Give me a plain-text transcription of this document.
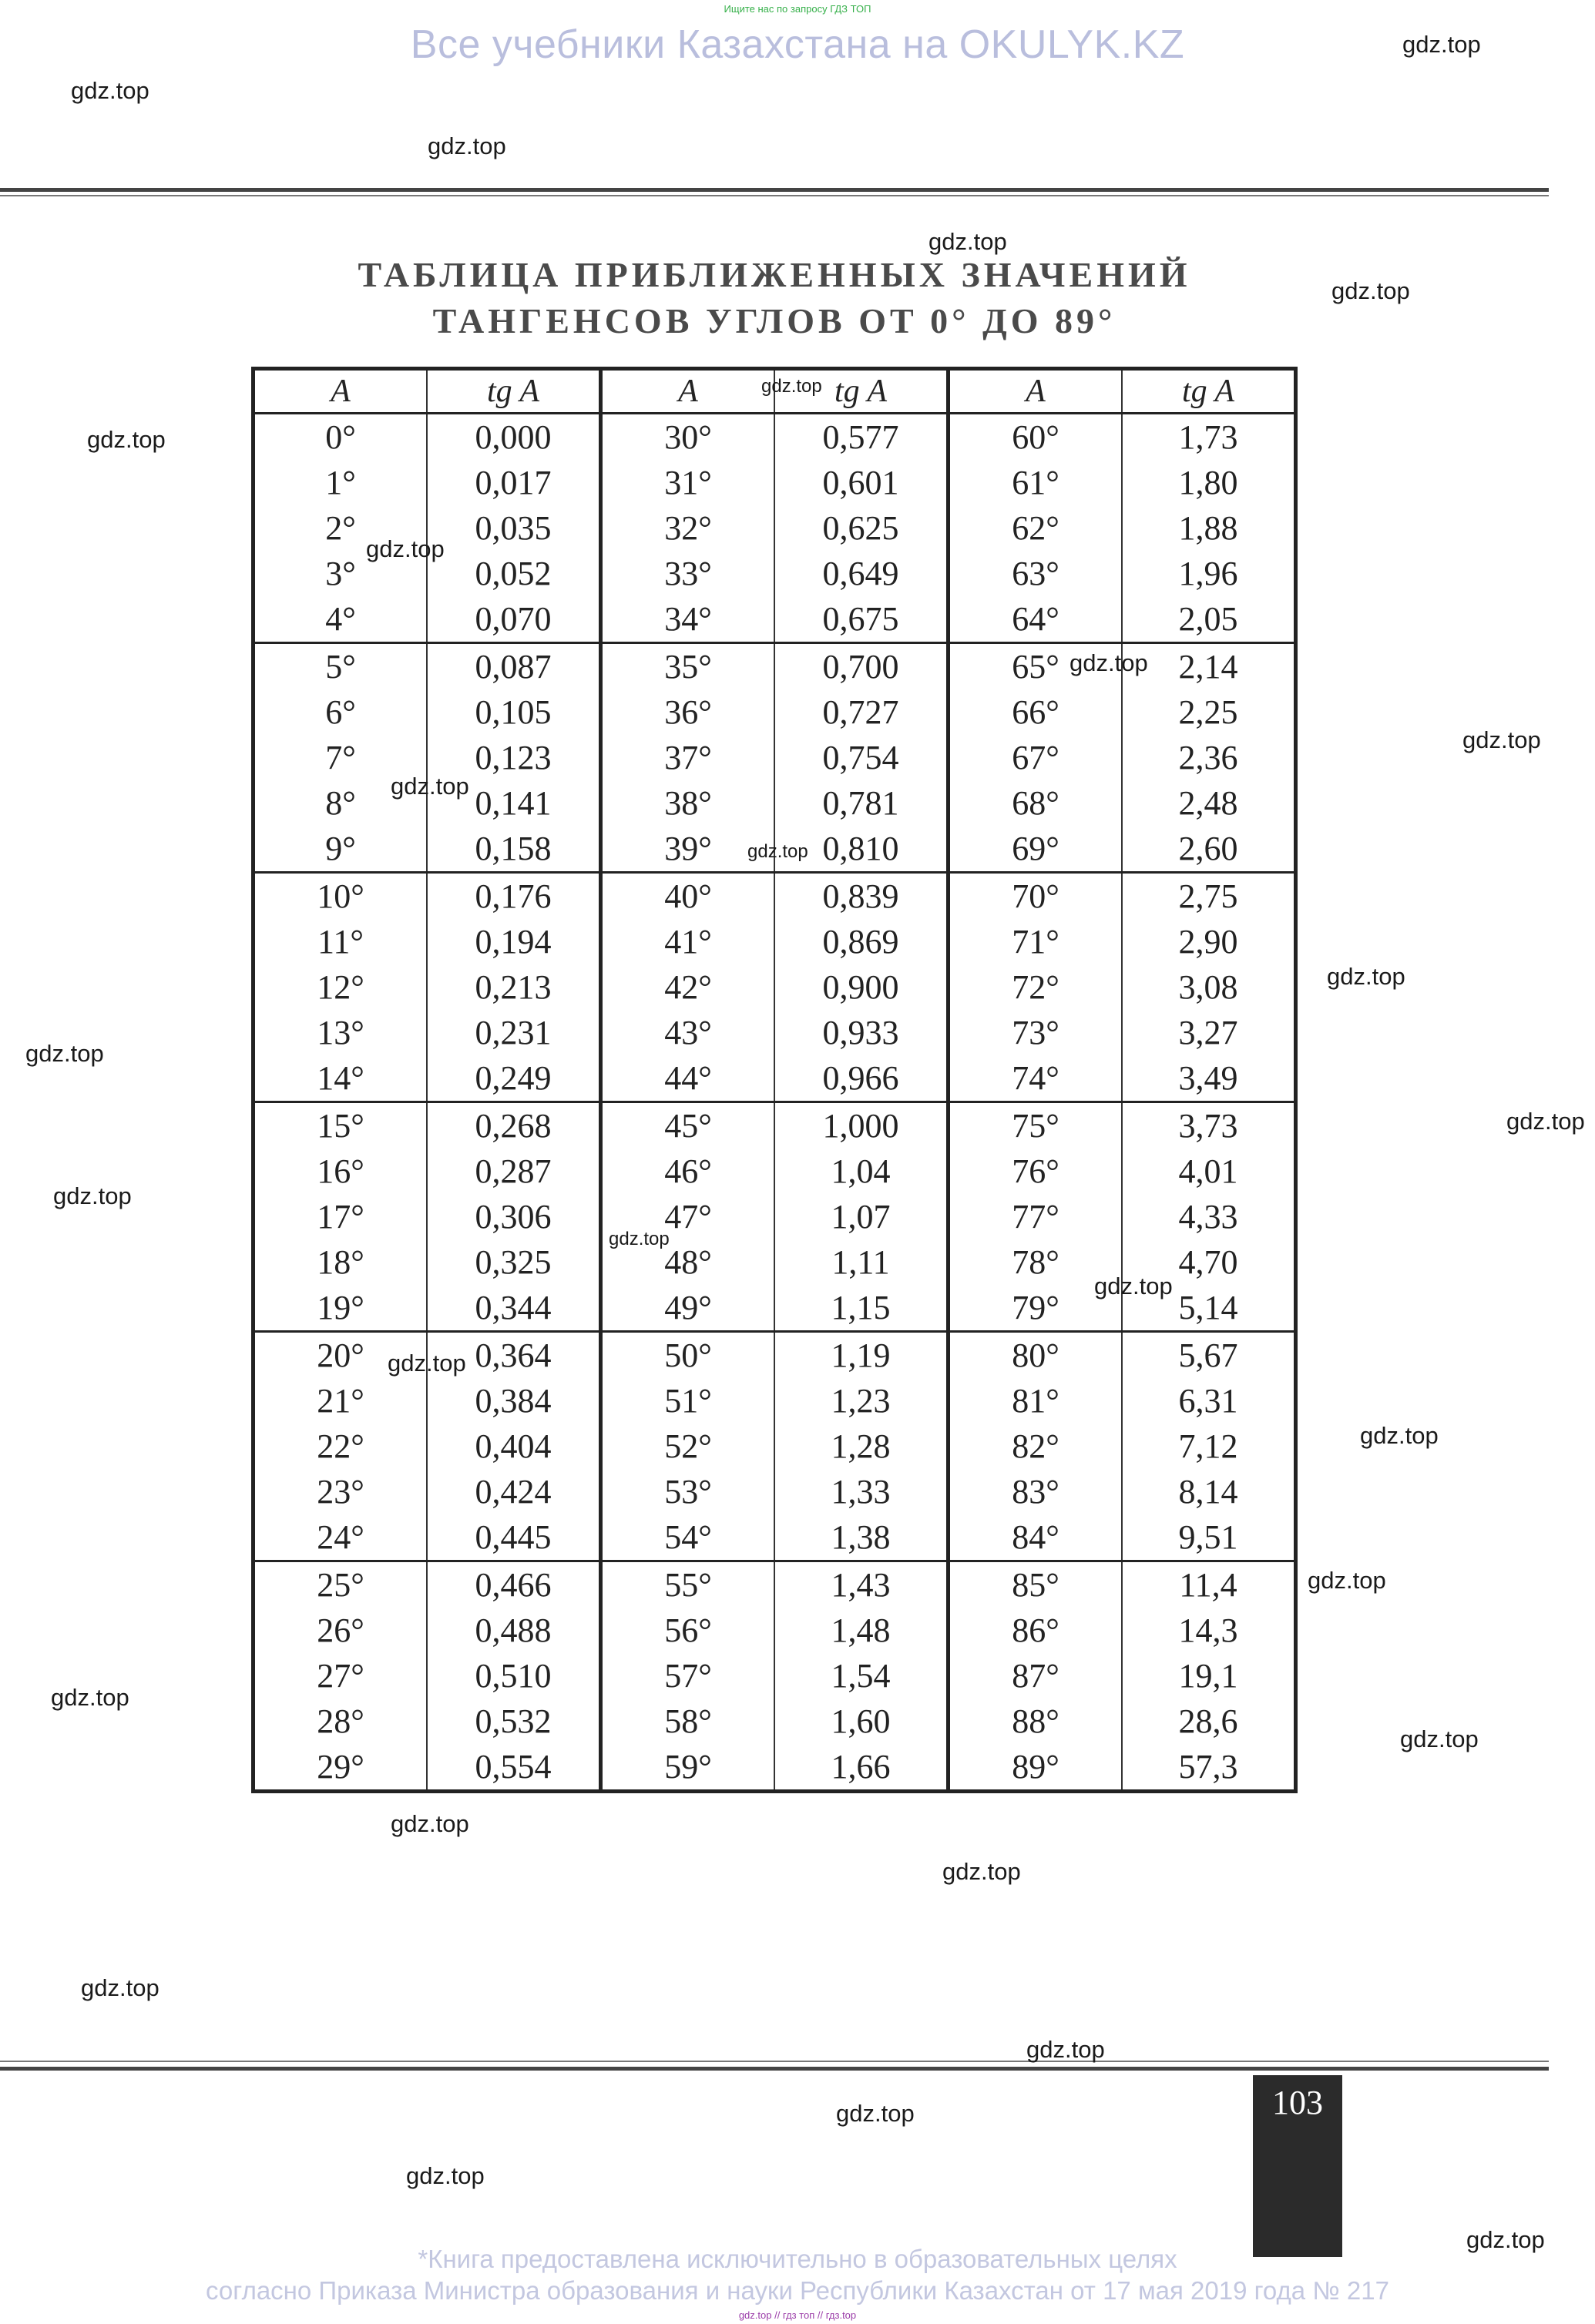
Ищите нас по запросу ГДЗ ТОП
Все учебники Казахстана на OKULYK.KZ
ТАБЛИЦА ПРИБЛИЖЕННЫХ ЗНАЧЕНИЙ
ТАНГЕНСОВ УГЛОВ ОТ 0° ДО 89°
A	tg A	A	tg A	A	tg A
0°	0,000	30°	0,577	60°	1,73
1°	0,017	31°	0,601	61°	1,80
2°	0,035	32°	0,625	62°	1,88
3°	0,052	33°	0,649	63°	1,96
4°	0,070	34°	0,675	64°	2,05
5°	0,087	35°	0,700	65°	2,14
6°	0,105	36°	0,727	66°	2,25
7°	0,123	37°	0,754	67°	2,36
8°	0,141	38°	0,781	68°	2,48
9°	0,158	39°	0,810	69°	2,60
10°	0,176	40°	0,839	70°	2,75
11°	0,194	41°	0,869	71°	2,90
12°	0,213	42°	0,900	72°	3,08
13°	0,231	43°	0,933	73°	3,27
14°	0,249	44°	0,966	74°	3,49
15°	0,268	45°	1,000	75°	3,73
16°	0,287	46°	1,04	76°	4,01
17°	0,306	47°	1,07	77°	4,33
18°	0,325	48°	1,11	78°	4,70
19°	0,344	49°	1,15	79°	5,14
20°	0,364	50°	1,19	80°	5,67
21°	0,384	51°	1,23	81°	6,31
22°	0,404	52°	1,28	82°	7,12
23°	0,424	53°	1,33	83°	8,14
24°	0,445	54°	1,38	84°	9,51
25°	0,466	55°	1,43	85°	11,4
26°	0,488	56°	1,48	86°	14,3
27°	0,510	57°	1,54	87°	19,1
28°	0,532	58°	1,60	88°	28,6
29°	0,554	59°	1,66	89°	57,3
103
*Книга предоставлена исключительно в образовательных целях
согласно Приказа Министра образования и науки Республики Казахстан от 17 мая 2019 года № 217
gdz.top // гдз топ // гдз.top
gdz.top
gdz.top
gdz.top
gdz.top
gdz.top
gdz.top
gdz.top
gdz.top
gdz.top
gdz.top
gdz.top
gdz.top
gdz.top
gdz.top
gdz.top
gdz.top
gdz.top
gdz.top
gdz.top
gdz.top
gdz.top
gdz.top
gdz.top
gdz.top
gdz.top
gdz.top
gdz.top
gdz.top
gdz.top
gdz.top
